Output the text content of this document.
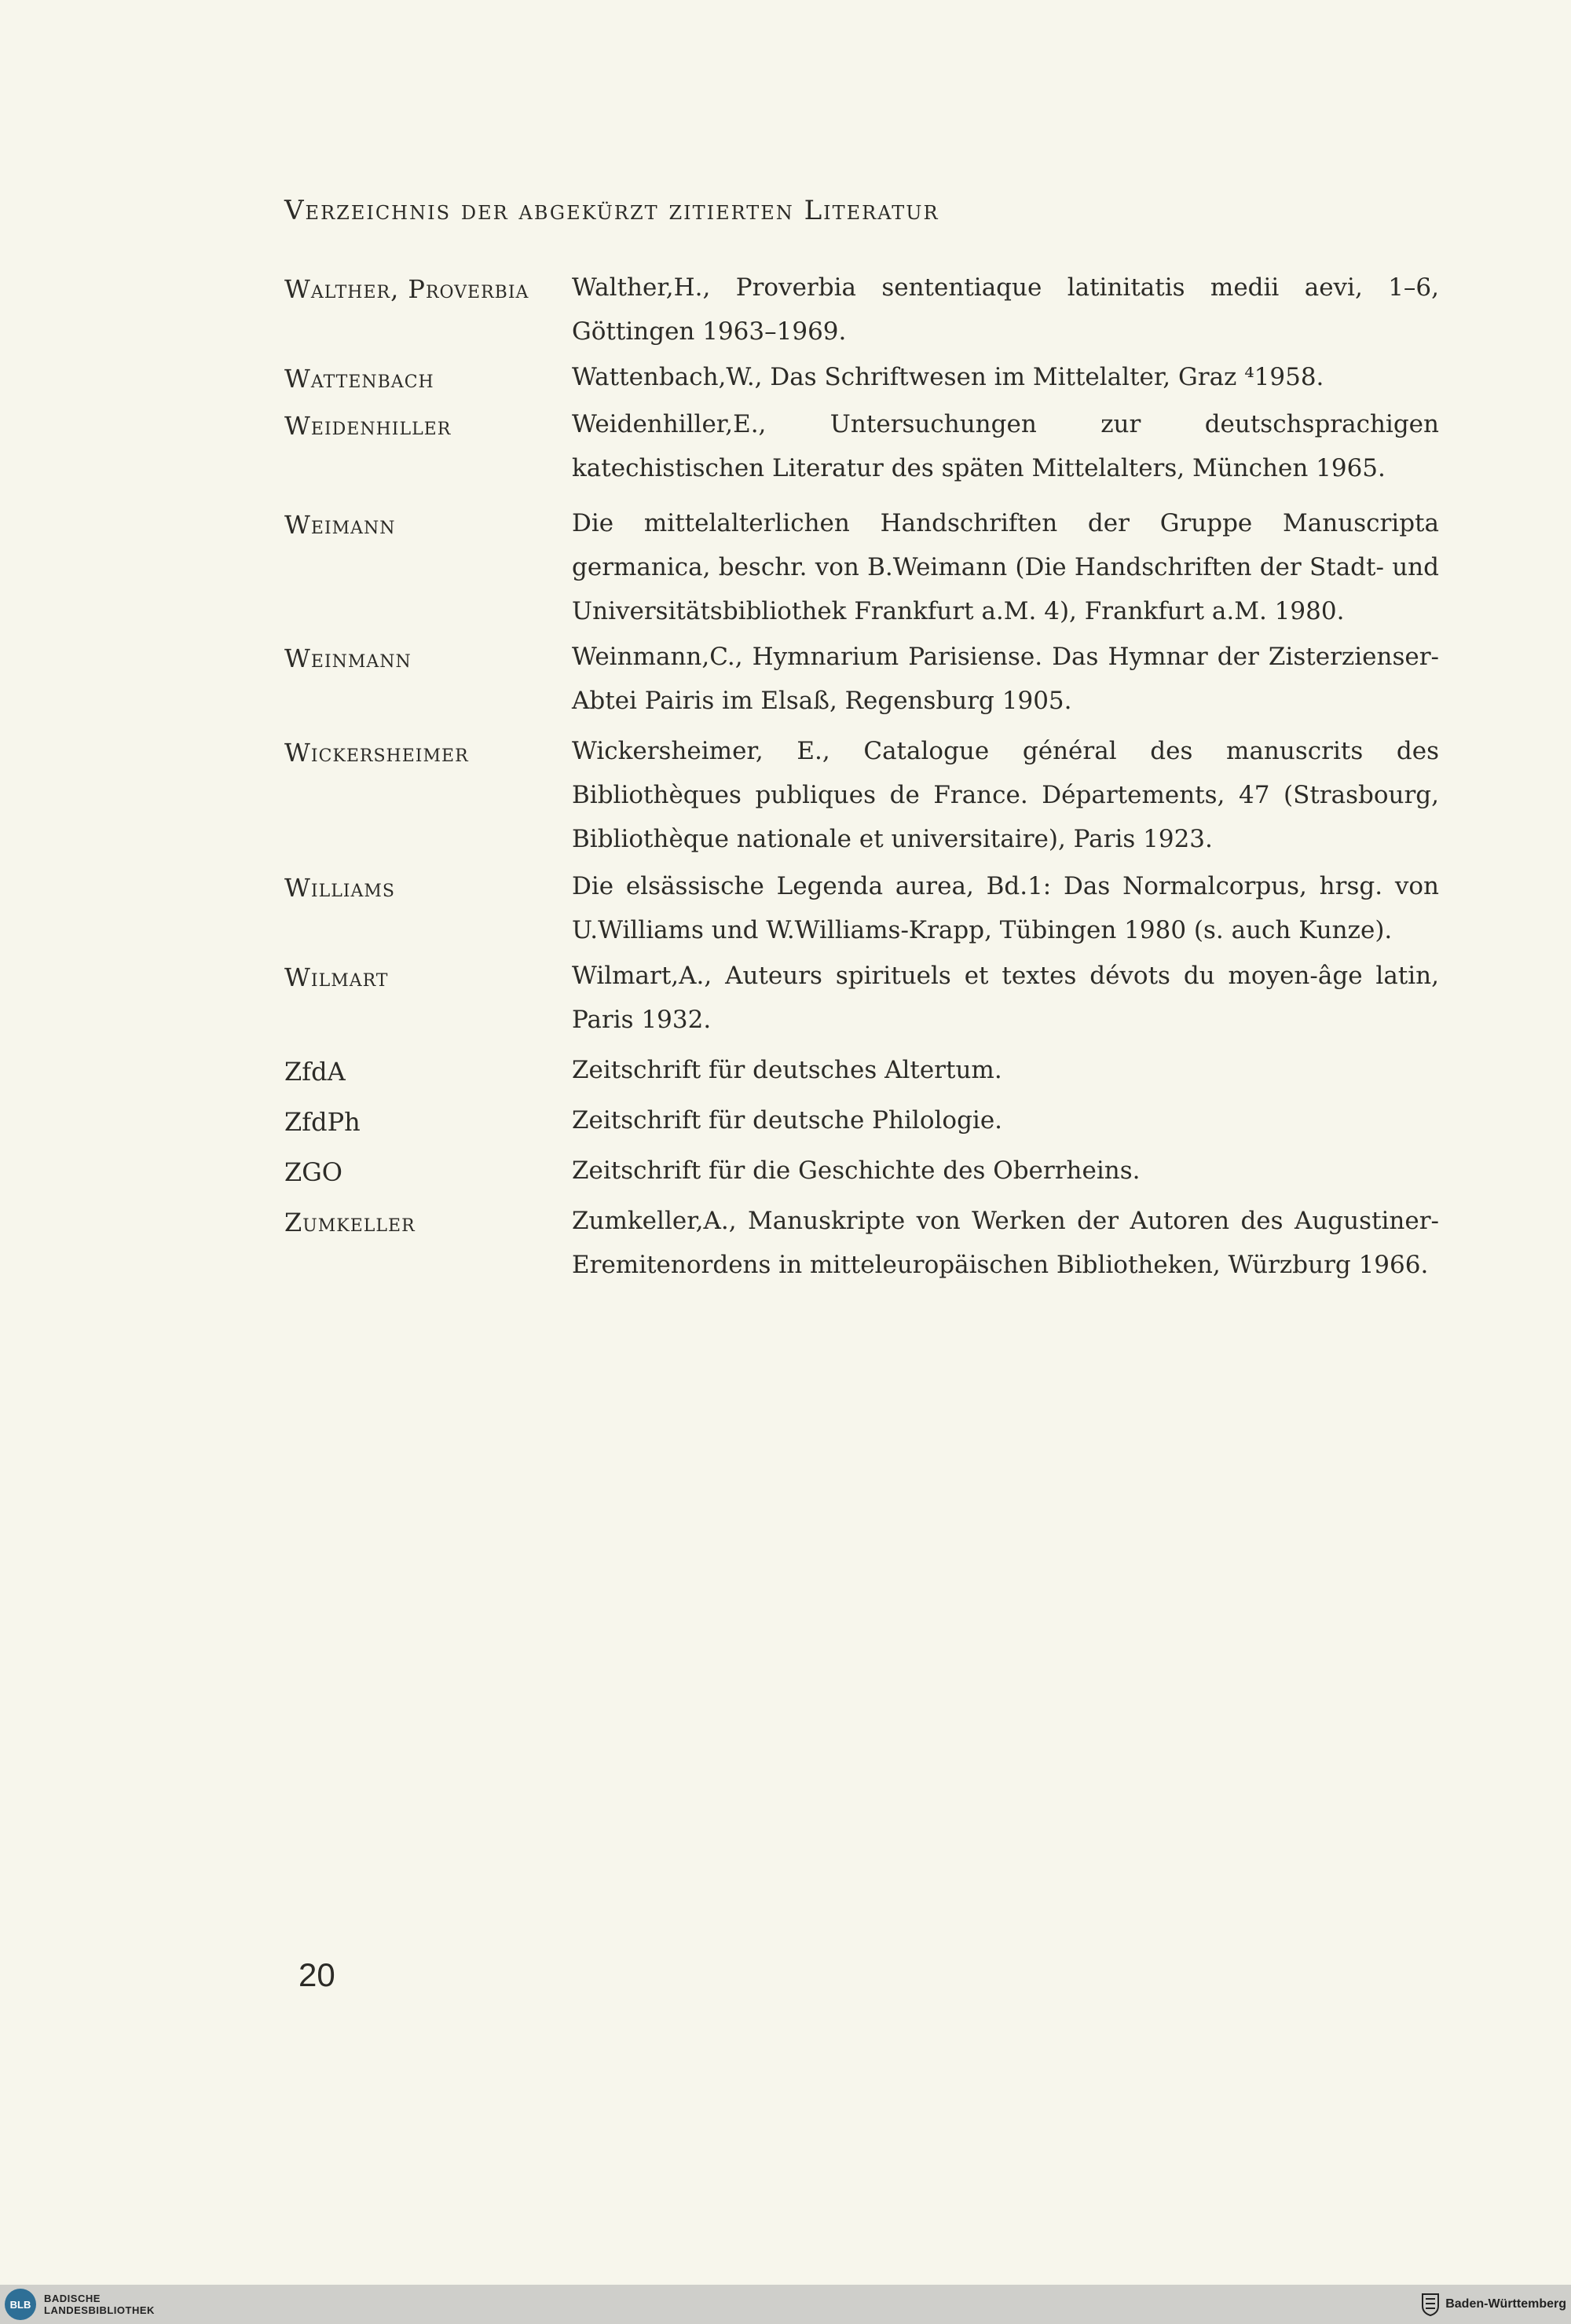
Verzeichnis der abgekürzt zitierten Literatur
Walther, Proverbia	Walther,H., Proverbia sententiaque latinitatis medii aevi, 1–6, Göttingen 1963–1969.
Wattenbach	Wattenbach,W., Das Schriftwesen im Mittelalter, Graz ⁴1958.
Weidenhiller	Weidenhiller,E., Untersuchungen zur deutschsprachigen katechistischen Literatur des späten Mittelalters, München 1965.
Weimann	Die mittelalterlichen Handschriften der Gruppe Manuscripta germanica, beschr. von B.Weimann (Die Handschriften der Stadt- und Universitätsbibliothek Frankfurt a.M. 4), Frankfurt a.M. 1980.
Weinmann	Weinmann,C., Hymnarium Parisiense. Das Hymnar der Zisterzienser-Abtei Pairis im Elsaß, Regensburg 1905.
Wickersheimer	Wickersheimer, E., Catalogue général des manuscrits des Bibliothèques publiques de France. Départements, 47 (Strasbourg, Bibliothèque nationale et universitaire), Paris 1923.
Williams	Die elsässische Legenda aurea, Bd.1: Das Normalcorpus, hrsg. von U.Williams und W.Williams-Krapp, Tübingen 1980 (s. auch Kunze).
Wilmart	Wilmart,A., Auteurs spirituels et textes dévots du moyen-âge latin, Paris 1932.
ZfdA	Zeitschrift für deutsches Altertum.
ZfdPh	Zeitschrift für deutsche Philologie.
ZGO	Zeitschrift für die Geschichte des Oberrheins.
Zumkeller	Zumkeller,A., Manuskripte von Werken der Autoren des Augustiner-Eremitenordens in mitteleuropäischen Bibliotheken, Würzburg 1966.
20
BLB	BADISCHE
LANDESBIBLIOTHEK	Baden-Württemberg
